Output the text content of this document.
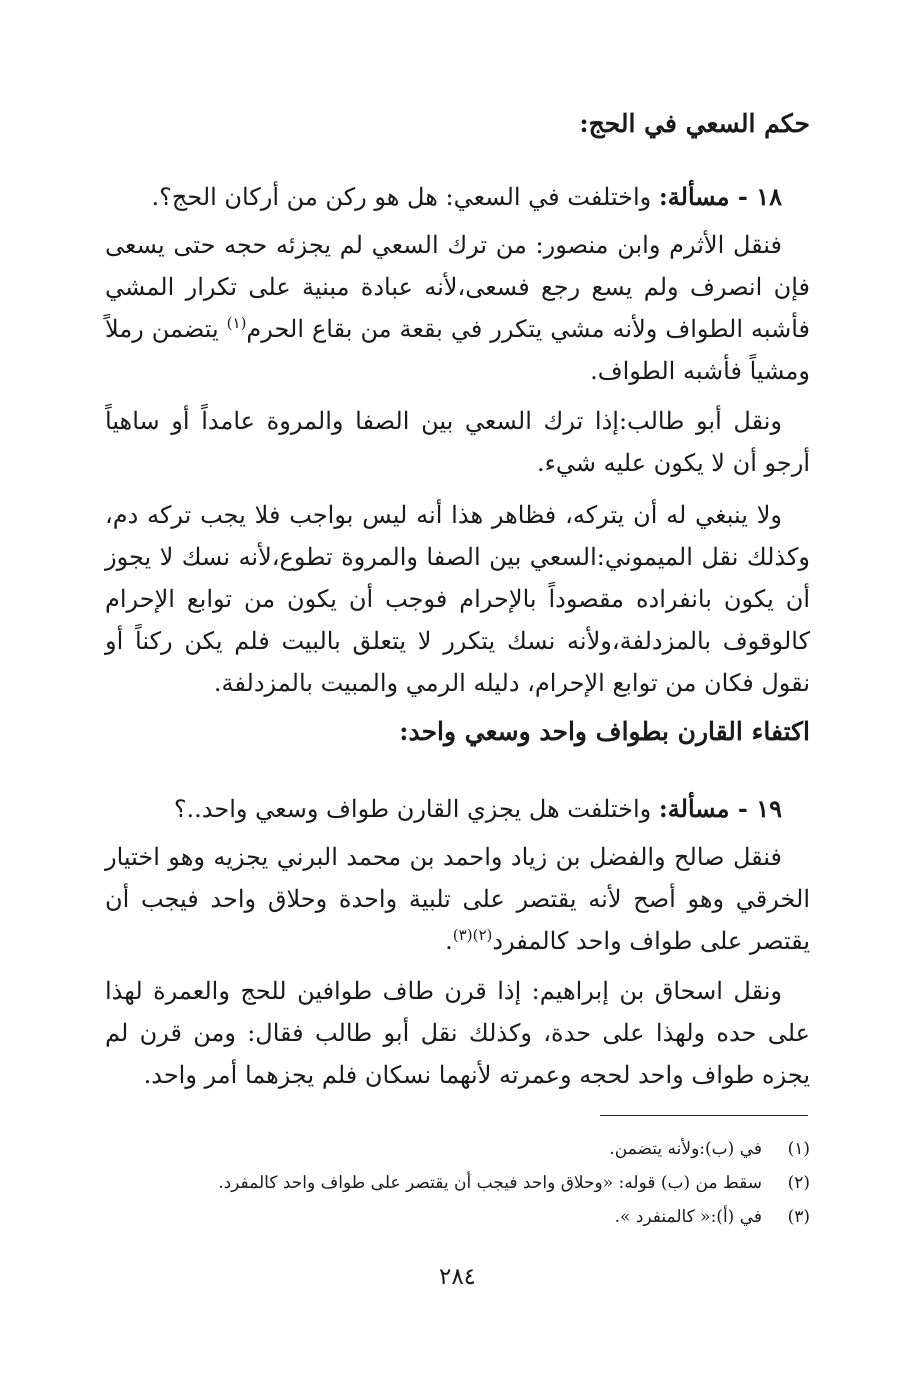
حكم السعي في الحج:
١٨ - مسألة: واختلفت في السعي: هل هو ركن من أركان الحج؟.
فنقل الأثرم وابن منصور: من ترك السعي لم يجزئه حجه حتى يسعى فإن انصرف ولم يسع رجع فسعى،لأنه عبادة مبنية على تكرار المشي فأشبه الطواف ولأنه مشي يتكرر في بقعة من بقاع الحرم$^{(١)}$ يتضمن رملاً ومشياً فأشبه الطواف.
ونقل أبو طالب:إذا ترك السعي بين الصفا والمروة عامداً أو ساهياً أرجو أن لا يكون عليه شيء.
ولا ينبغي له أن يتركه، فظاهر هذا أنه ليس بواجب فلا يجب تركه دم، وكذلك نقل الميموني:السعي بين الصفا والمروة تطوع،لأنه نسك لا يجوز أن يكون بانفراده مقصوداً بالإحرام فوجب أن يكون من توابع الإحرام كالوقوف بالمزدلفة،ولأنه نسك يتكرر لا يتعلق بالبيت فلم يكن ركناً أو نقول فكان من توابع الإحرام، دليله الرمي والمبيت بالمزدلفة.
اكتفاء القارن بطواف واحد وسعي واحد:
١٩ - مسألة: واختلفت هل يجزي القارن طواف وسعي واحد..؟
فنقل صالح والفضل بن زياد واحمد بن محمد البرني يجزيه وهو اختيار الخرقي وهو أصح لأنه يقتصر على تلبية واحدة وحلاق واحد فيجب أن يقتصر على طواف واحد كالمفرد$^{(٢)(٣)}$.
ونقل اسحاق بن إبراهيم: إذا قرن طاف طوافين للحج والعمرة لهذا على حده ولهذا على حدة، وكذلك نقل أبو طالب فقال: ومن قرن لم يجزه طواف واحد لحجه وعمرته لأنهما نسكان فلم يجزهما أمر واحد.
(١)
في (ب):ولأنه يتضمن.
(٢)
سقط من (ب) قوله: «وحلاق واحد فيجب أن يقتصر على طواف واحد كالمفرد.
(٣)
في (أ):« كالمنفرد ».
٢٨٤
